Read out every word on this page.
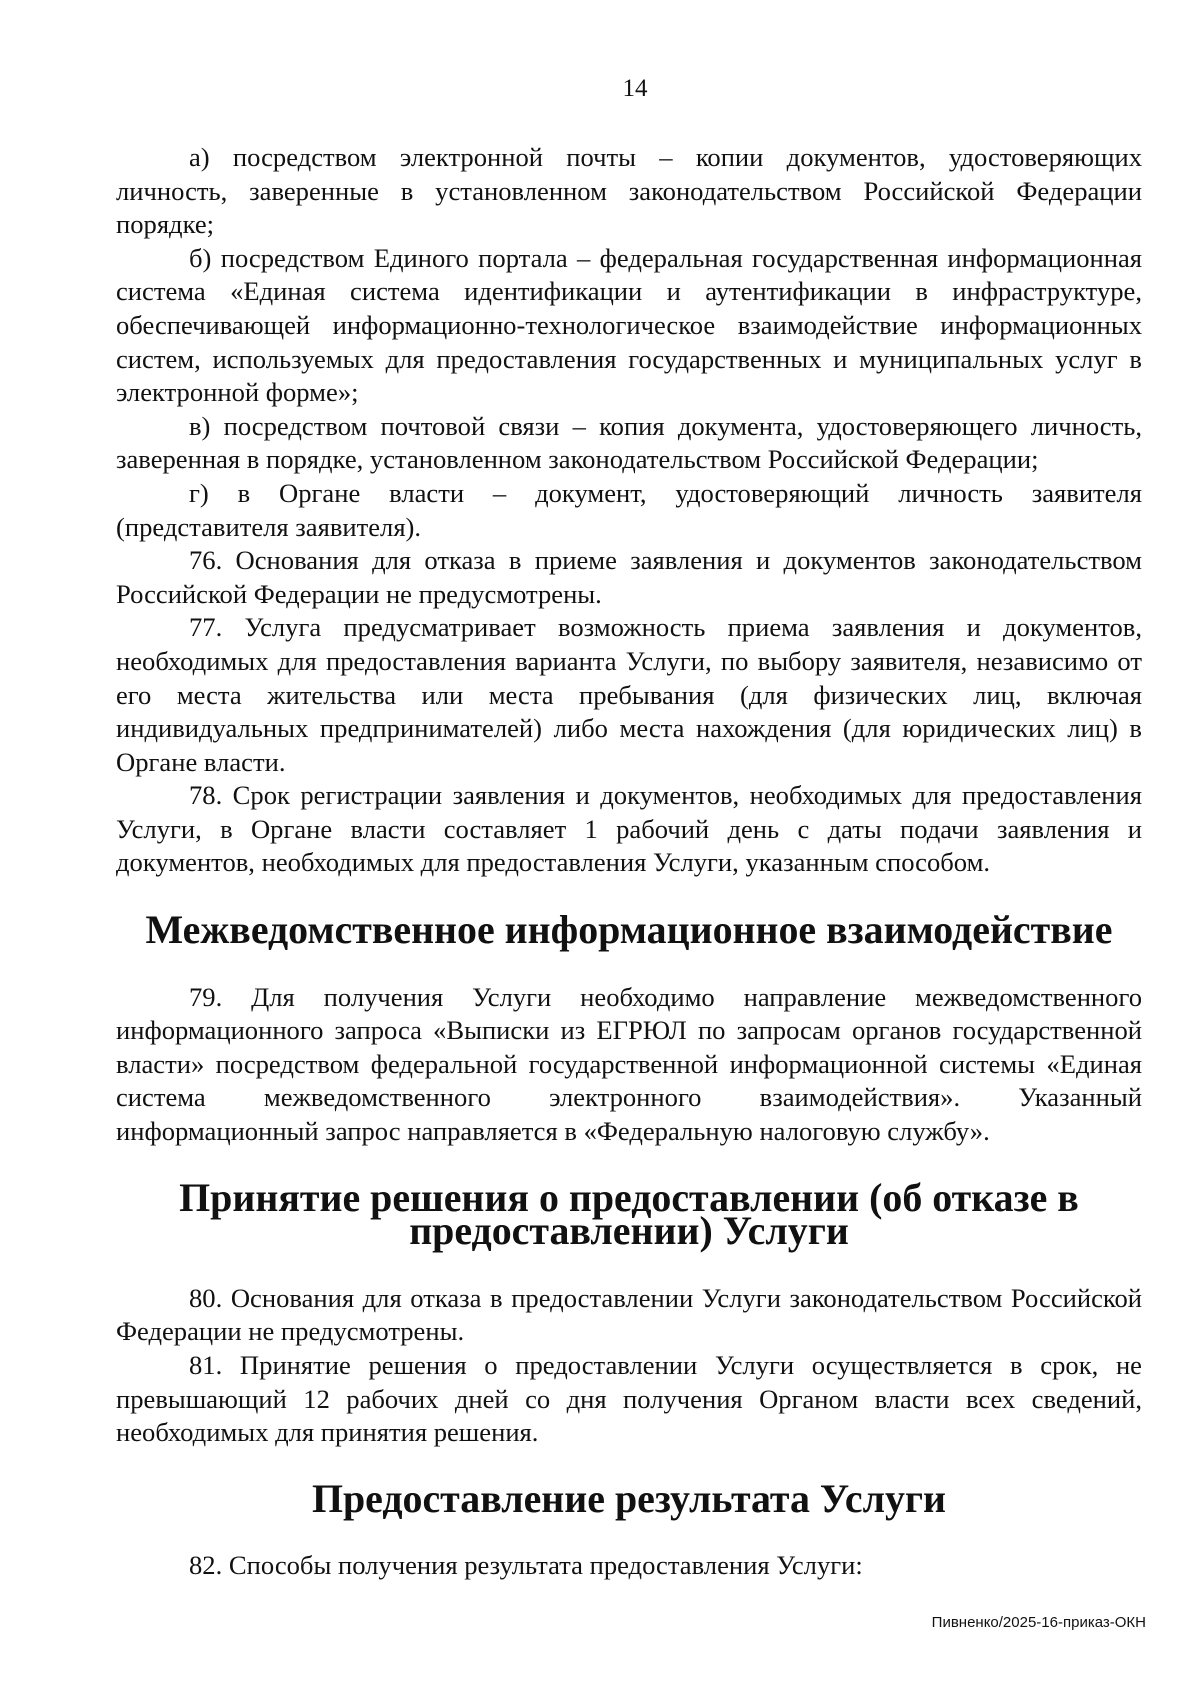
14

а) посредством электронной почты – копии документов, удостоверяющих личность, заверенные в установленном законодательством Российской Федерации порядке;

б) посредством Единого портала – федеральная государственная информационная система «Единая система идентификации и аутентификации в инфраструктуре, обеспечивающей информационно-технологическое взаимодействие информационных систем, используемых для предоставления государственных и муниципальных услуг в электронной форме»;

в) посредством почтовой связи – копия документа, удостоверяющего личность, заверенная в порядке, установленном законодательством Российской Федерации;

г) в Органе власти – документ, удостоверяющий личность заявителя (представителя заявителя).

76. Основания для отказа в приеме заявления и документов законодательством Российской Федерации не предусмотрены.

77. Услуга предусматривает возможность приема заявления и документов, необходимых для предоставления варианта Услуги, по выбору заявителя, независимо от его места жительства или места пребывания (для физических лиц, включая индивидуальных предпринимателей) либо места нахождения (для юридических лиц) в Органе власти.

78. Срок регистрации заявления и документов, необходимых для предоставления Услуги, в Органе власти составляет 1 рабочий день с даты подачи заявления и документов, необходимых для предоставления Услуги, указанным способом.

Межведомственное информационное взаимодействие

79. Для получения Услуги необходимо направление межведомственного информационного запроса «Выписки из ЕГРЮЛ по запросам органов государственной власти» посредством федеральной государственной информационной системы «Единая система межведомственного электронного взаимодействия». Указанный информационный запрос направляется в «Федеральную налоговую службу».

Принятие решения о предоставлении (об отказе в предоставлении) Услуги

80. Основания для отказа в предоставлении Услуги законодательством Российской Федерации не предусмотрены.

81. Принятие решения о предоставлении Услуги осуществляется в срок, не превышающий 12 рабочих дней со дня получения Органом власти всех сведений, необходимых для принятия решения.

Предоставление результата Услуги

82. Способы получения результата предоставления Услуги:

Пивненко/2025-16-приказ-ОКН
